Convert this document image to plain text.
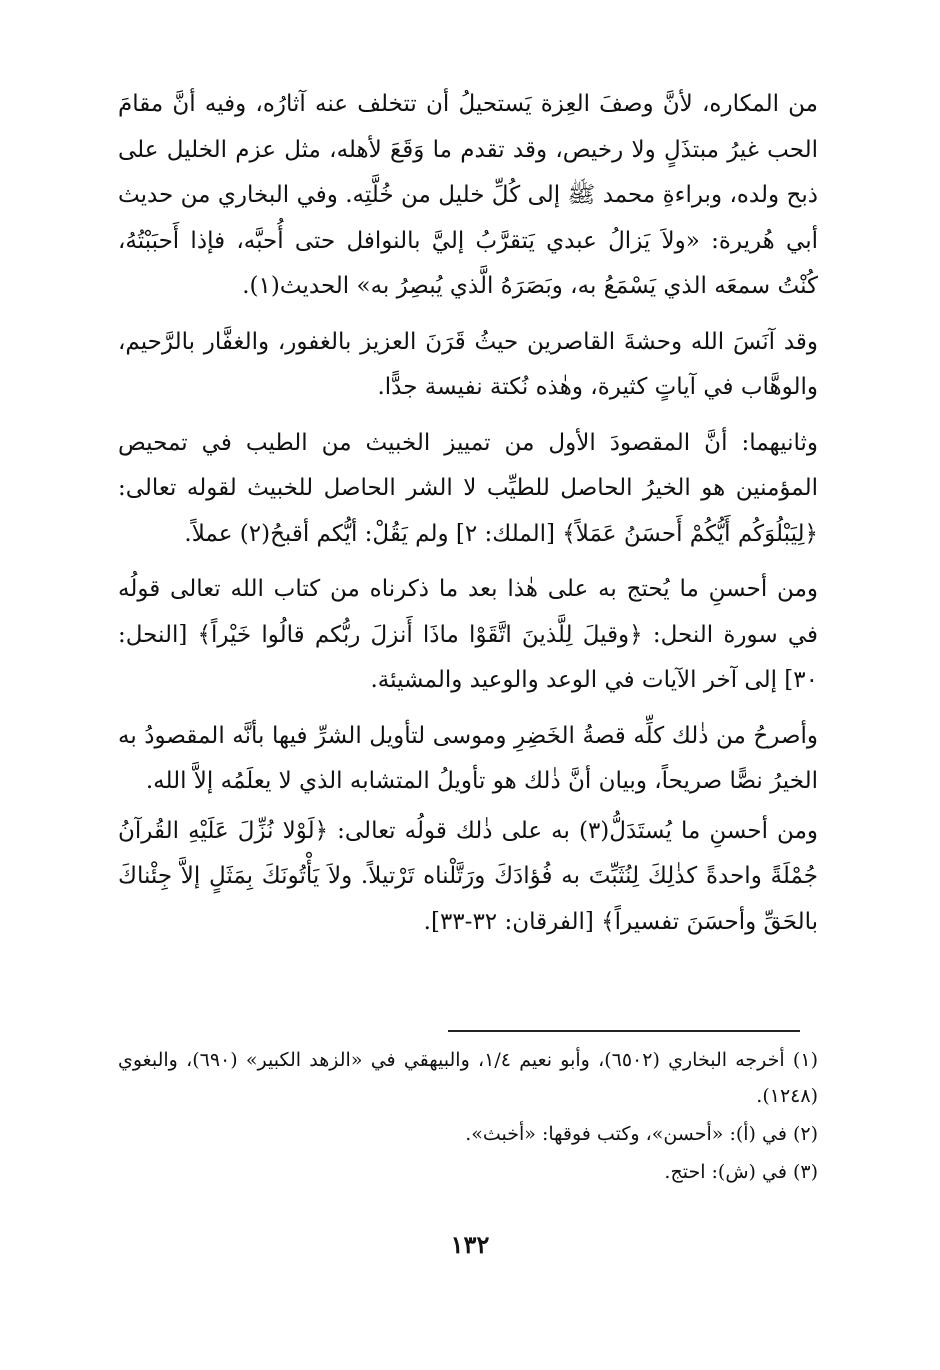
من المكاره، لأنَّ وصفَ العِزة يَستحيلُ أن تتخلف عنه آثارُه، وفيه أنَّ مقامَ الحب غيرُ مبتذَلٍ ولا رخيص، وقد تقدم ما وَقَعَ لأهله، مثل عزم الخليل على ذبح ولده، وبراءةِ محمد ﷺ إلى كُلِّ خليل من خُلَّتِه. وفي البخاري من حديث أبي هُريرة: «ولاَ يَزالُ عبدي يَتقرَّبُ إليَّ بالنوافل حتى أُحبَّه، فإذا أَحبَبْتُهُ، كُنْتُ سمعَه الذي يَسْمَعُ به، وبَصَرَهُ الَّذي يُبصِرُ به» الحديث(١).

وقد آنَسَ الله وحشةَ القاصرين حيثُ قَرَنَ العزيز بالغفور، والغفَّار بالرَّحيم، والوهَّاب في آياتٍ كثيرة، وهٰذه نُكتة نفيسة جدًّا.

وثانيهما: أنَّ المقصودَ الأول من تمييز الخبيث من الطيب في تمحيص المؤمنين هو الخيرُ الحاصل للطيِّب لا الشر الحاصل للخبيث لقوله تعالى: ﴿لِيَبْلُوَكُم أَيُّكُمْ أَحسَنُ عَمَلاً﴾ [الملك: ٢] ولم يَقُلْ: أيُّكم أقبحُ(٢) عملاً.

ومن أحسنِ ما يُحتج به على هٰذا بعد ما ذكرناه من كتاب الله تعالى قولُه في سورة النحل: ﴿وقيلَ لِلَّذينَ اتَّقَوْا ماذَا أَنزلَ ربُّكم قالُوا خَيْراً﴾ [النحل: ٣٠] إلى آخر الآيات في الوعد والوعيد والمشيئة.

وأصرحُ من ذٰلك كلِّه قصةُ الخَضِرِ وموسى لتأويل الشرِّ فيها بأنَّه المقصودُ به الخيرُ نصًّا صريحاً، وبيان أنَّ ذٰلك هو تأويلُ المتشابه الذي لا يعلَمُه إلاَّ الله.

ومن أحسنِ ما يُستَدَلُّ(٣) به على ذٰلك قولُه تعالى: ﴿لَوْلا نُزِّلَ عَلَيْهِ القُرآنُ جُمْلَةً واحدةً كذٰلِكَ لِنُثَبِّتَ به فُؤادَكَ ورَتَّلْناه تَرْتيلاً. ولاَ يَأْتُونَكَ بِمَثَلٍ إلاَّ جِئْناكَ بالحَقِّ وأحسَنَ تفسيراً﴾ [الفرقان: ٣٢-٣٣].

(١) أخرجه البخاري (٦٥٠٢)، وأبو نعيم ١/٤، والبيهقي في «الزهد الكبير» (٦٩٠)، والبغوي (١٢٤٨).

(٢) في (أ): «أحسن»، وكتب فوقها: «أخبث».

(٣) في (ش): احتج.

١٣٢
